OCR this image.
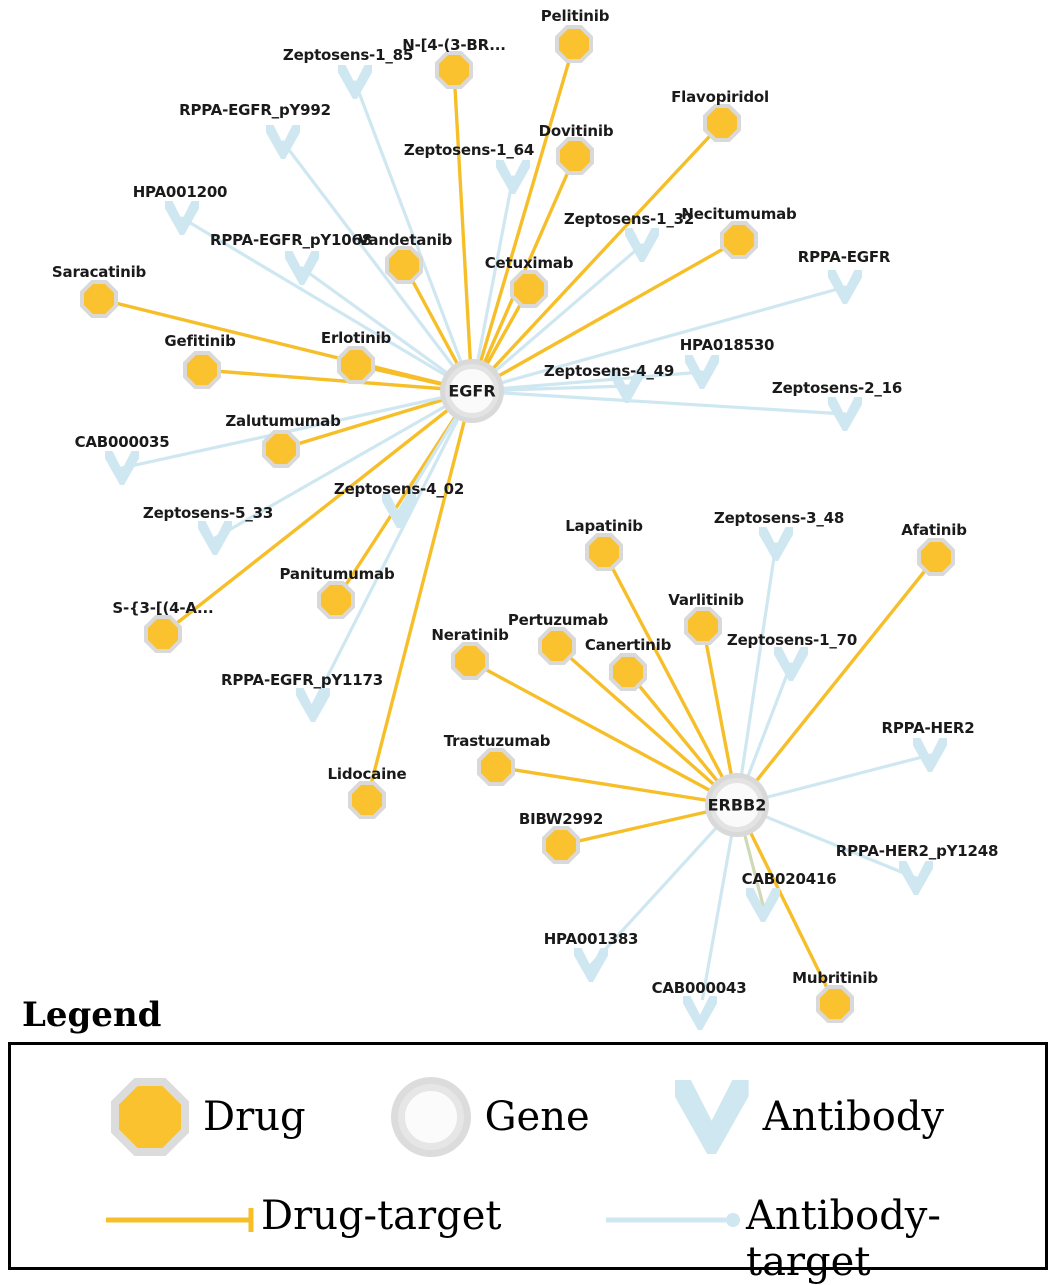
Pelitinib
N-[4-(3-BR...
Flavopiridol
Dovitinib
Necitumumab
Vandetanib
Cetuximab
Saracatinib
Gefitinib	Erlotinib
Zalutumumab
Afatinib
Lapatinib
Varlitinib
Panitumumab
S-{3-[(4-A...
Pertuzumab
Neratinib
Canertinib
Trastuzumab
Lidocaine
BIBW2992
Mubritinib
Zeptosens-1_85
RPPA-EGFR_pY992
Zeptosens-1_64
HPA001200
Zeptosens-1_32
RPPA-EGFR_pY1068
RPPA-EGFR
HPA018530
Zeptosens-4_49
Zeptosens-2_16
CAB000035
Zeptosens-4_02
Zeptosens-5_33	Zeptosens-3_48
Zeptosens-1_70
RPPA-EGFR_pY1173
RPPA-HER2
RPPA-HER2_pY1248
CAB020416
HPA001383
CAB000043
EGFR
ERBB2
Legend
Drug	Gene	Antibody
Drug-target	Antibody-target
